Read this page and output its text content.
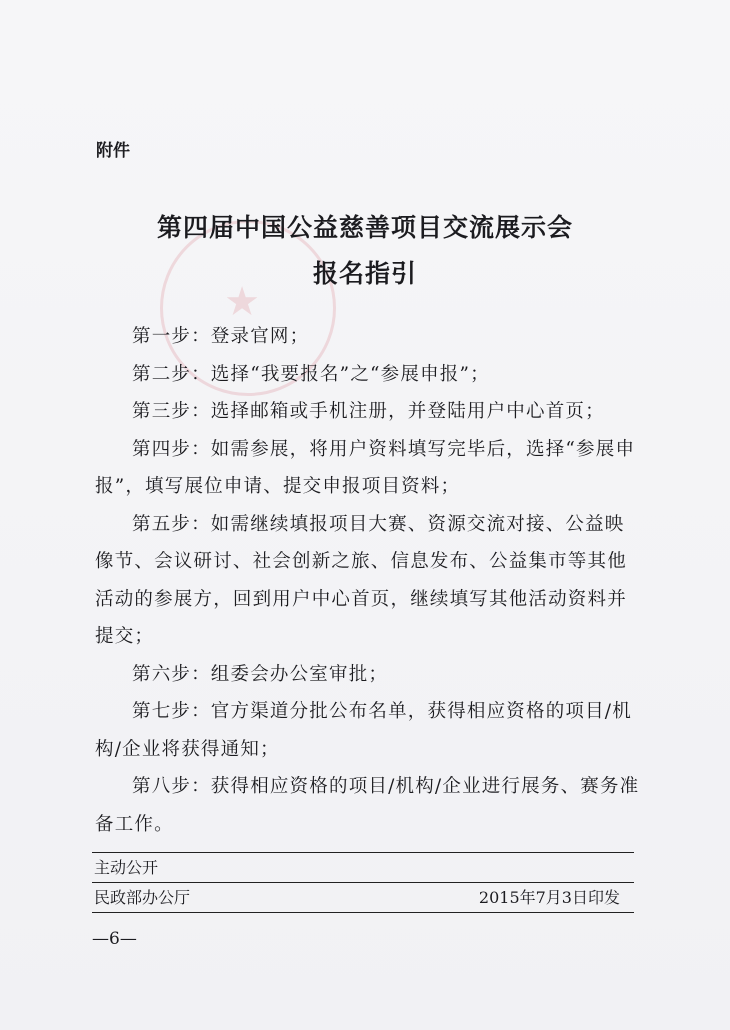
★
附件
第四届中国公益慈善项目交流展示会
报名指引

第一步：登录官网；

第二步：选择“我要报名”之“参展申报”；

第三步：选择邮箱或手机注册，并登陆用户中心首页；

第四步：如需参展，将用户资料填写完毕后，选择“参展申报”，填写展位申请、提交申报项目资料；

第五步：如需继续填报项目大赛、资源交流对接、公益映像节、会议研讨、社会创新之旅、信息发布、公益集市等其他活动的参展方，回到用户中心首页，继续填写其他活动资料并提交；

第六步：组委会办公室审批；

第七步：官方渠道分批公布名单，获得相应资格的项目/机构/企业将获得通知；

第八步：获得相应资格的项目/机构/企业进行展务、赛务准备工作。

主动公开
民政部办公厅	2015年7月3日印发
—6—
